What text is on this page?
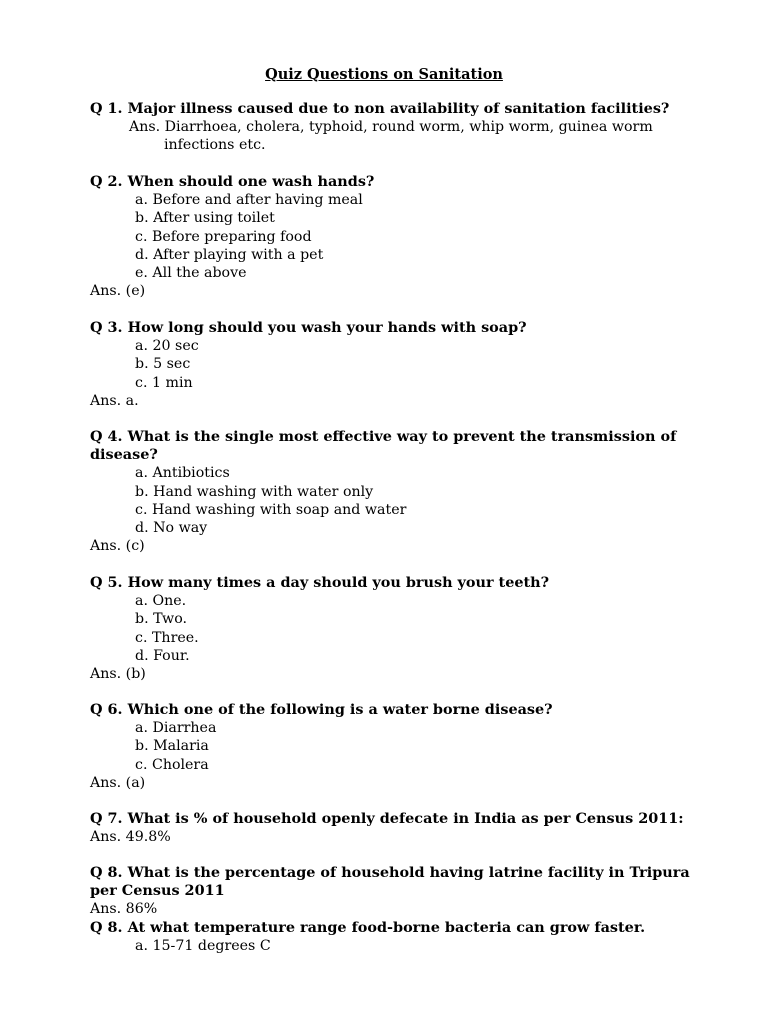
Quiz Questions on Sanitation

Q 1. Major illness caused due to non availability of sanitation facilities?

Ans. Diarrhoea, cholera, typhoid, round worm, whip worm, guinea worm

infections etc.

Q 2. When should one wash hands?

a. Before and after having meal

b. After using toilet

c. Before preparing food

d. After playing with a pet

e. All the above

Ans. (e)

Q 3. How long should you wash your hands with soap?

a. 20 sec

b. 5 sec

c. 1 min

Ans. a.

Q 4. What is the single most effective way to prevent the transmission of

disease?

a. Antibiotics

b. Hand washing with water only

c. Hand washing with soap and water

d. No way

Ans. (c)

Q 5. How many times a day should you brush your teeth?

a. One.

b. Two.

c. Three.

d. Four.

Ans. (b)

Q 6. Which one of the following is a water borne disease?

a. Diarrhea

b. Malaria

c. Cholera

Ans. (a)

Q 7. What is % of household openly defecate in India as per Census 2011:

Ans. 49.8%

Q 8. What is the percentage of household having latrine facility in Tripura

per Census 2011

Ans. 86%

Q 8. At what temperature range food-borne bacteria can grow faster.

a. 15-71 degrees C
